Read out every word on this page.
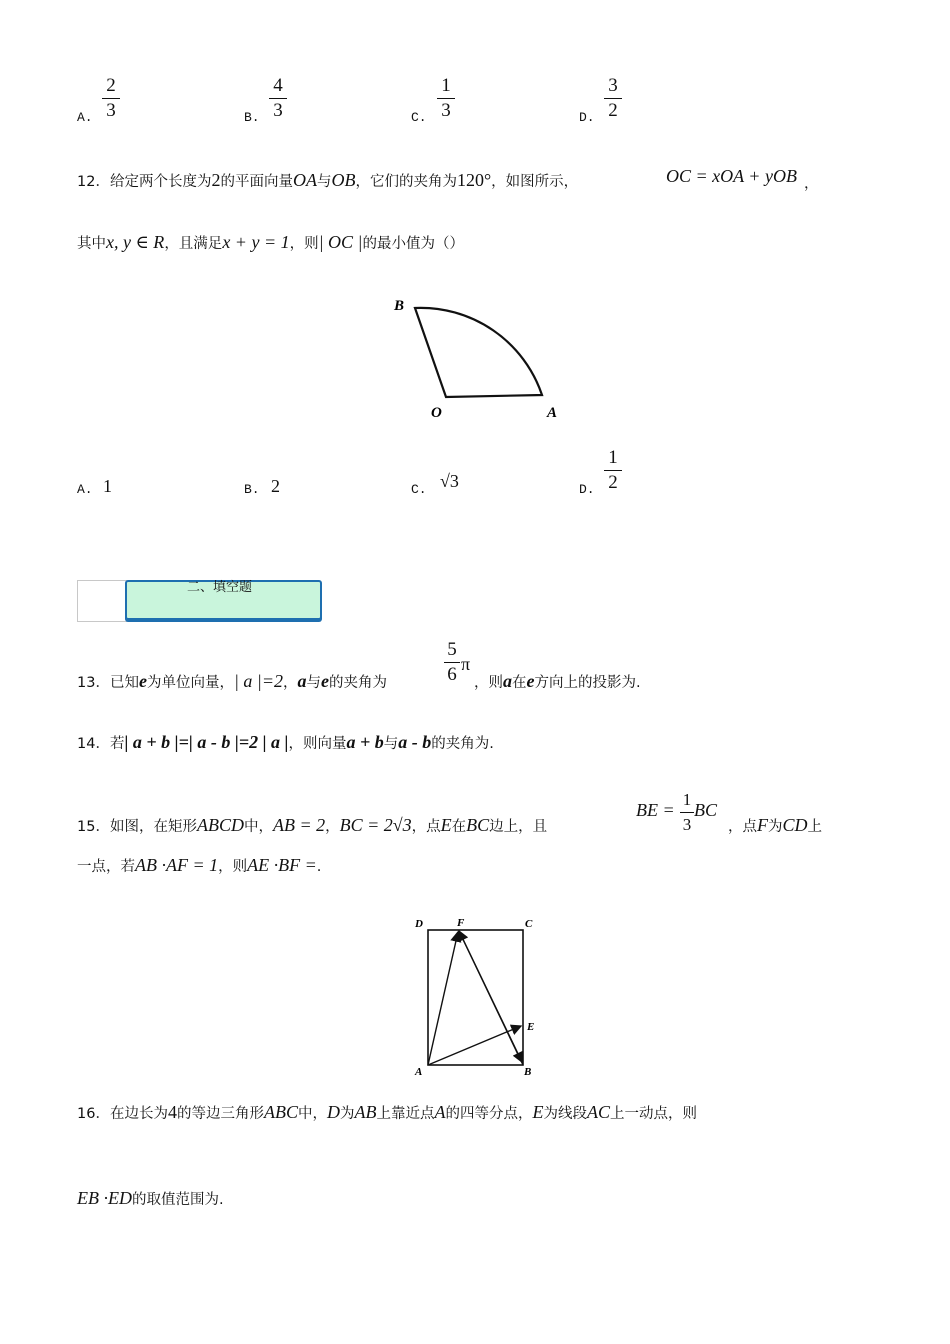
A.
2
3	B.
4
3	C.
1
3	D.
3
2
12．给定两个长度为2的平面向量OA与OB，它们的夹角为120°，如图所示，	OC = xOA + yOB ，
其中x, y ∈ R，且满足x + y = 1，则| OC |的最小值为（）
B
O	A
A. 1	B. 2	C. √3	D.
1
2
二、填空题
13．已知e为单位向量，| a |=2，a与e的夹角为
5
6 π
，则a在e方向上的投影为.
14．若| a + b |=| a - b |=2 | a |，则向量a + b与a - b的夹角为.
15．如图，在矩形ABCD中，AB = 2，BC = 2√3，点E在BC边上，且
BE =
1
3
BC
，点F为CD上
一点，若AB ·AF = 1，则AE ·BF =.
D	F	C
E
A	B
16．在边长为4的等边三角形ABC中，D为AB上靠近点A的四等分点，E为线段AC上一动点，则
EB ·ED的取值范围为.
